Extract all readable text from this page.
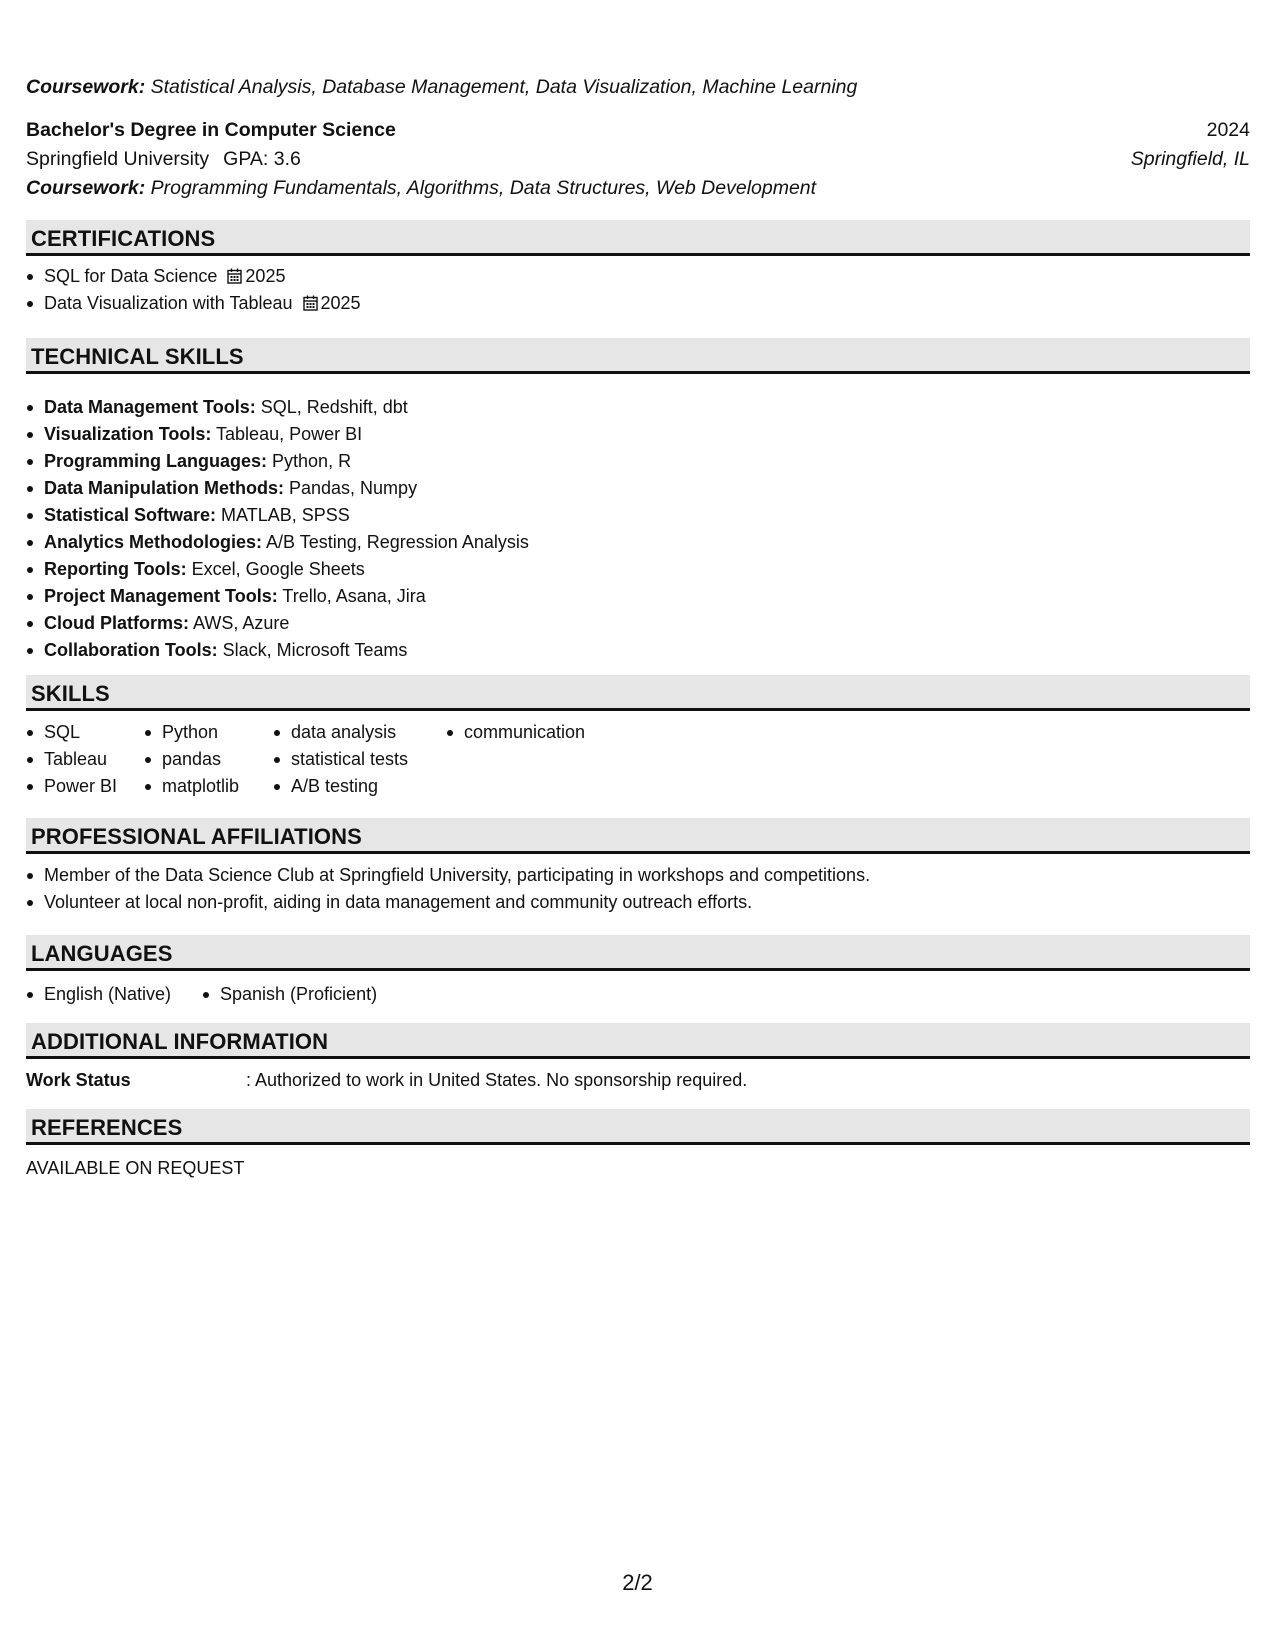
Coursework: Statistical Analysis, Database Management, Data Visualization, Machine Learning
Bachelor's Degree in Computer Science	2024
Springfield University GPA: 3.6	Springfield, IL
Coursework: Programming Fundamentals, Algorithms, Data Structures, Web Development
CERTIFICATIONS
SQL for Data Science 2025
Data Visualization with Tableau 2025
TECHNICAL SKILLS
Data Management Tools: SQL, Redshift, dbt
Visualization Tools: Tableau, Power BI
Programming Languages: Python, R
Data Manipulation Methods: Pandas, Numpy
Statistical Software: MATLAB, SPSS
Analytics Methodologies: A/B Testing, Regression Analysis
Reporting Tools: Excel, Google Sheets
Project Management Tools: Trello, Asana, Jira
Cloud Platforms: AWS, Azure
Collaboration Tools: Slack, Microsoft Teams
SKILLS
SQL
Tableau
Power BI
Python
pandas
matplotlib
data analysis
statistical tests
A/B testing
communication
PROFESSIONAL AFFILIATIONS
Member of the Data Science Club at Springfield University, participating in workshops and competitions.
Volunteer at local non-profit, aiding in data management and community outreach efforts.
LANGUAGES
English (Native)	Spanish (Proficient)
ADDITIONAL INFORMATION
Work Status	: Authorized to work in United States. No sponsorship required.
REFERENCES
AVAILABLE ON REQUEST
2/2
